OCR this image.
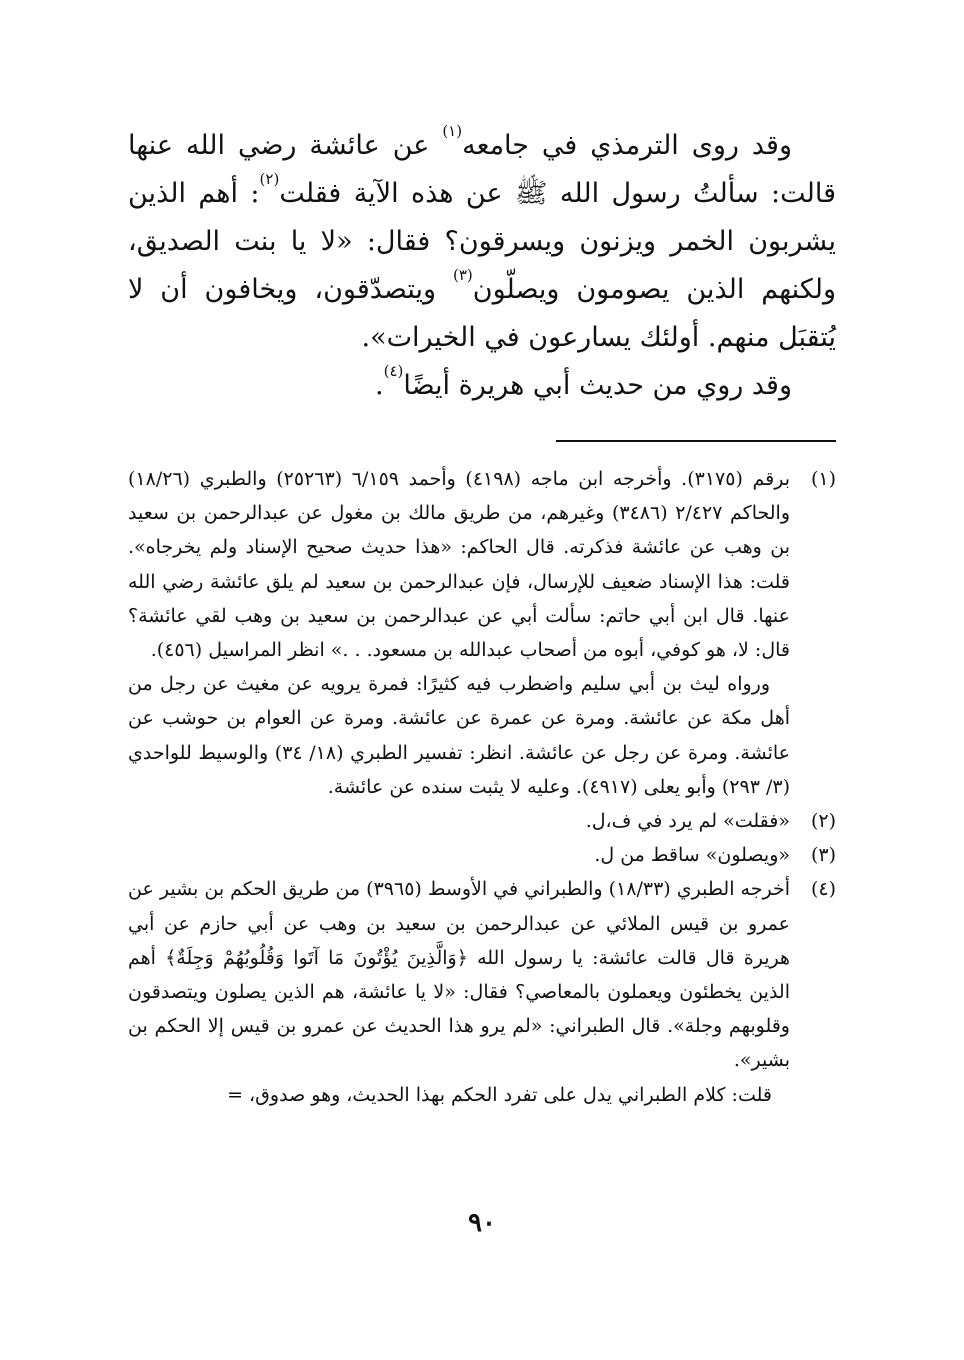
وقد روى الترمذي في جامعه$^{(١)}$ عن عائشة رضي الله عنها قالت: سألتُ رسول الله ﷺ عن هذه الآية فقلت$^{(٢)}$: أهم الذين يشربون الخمر ويزنون ويسرقون؟ فقال: «لا يا بنت الصديق، ولكنهم الذين يصومون ويصلّون$^{(٣)}$ ويتصدّقون، ويخافون أن لا يُتقبَل منهم. أولئك يسارعون في الخيرات».

وقد روي من حديث أبي هريرة أيضًا$^{(٤)}$.

(١)

برقم (٣١٧٥). وأخرجه ابن ماجه (٤١٩٨) وأحمد ٦/١٥٩ (٢٥٢٦٣) والطبري (١٨/٢٦) والحاكم ٢/٤٢٧ (٣٤٨٦) وغيرهم، من طريق مالك بن مغول عن عبدالرحمن بن سعيد بن وهب عن عائشة فذكرته. قال الحاكم: «هذا حديث صحيح الإسناد ولم يخرجاه». قلت: هذا الإسناد ضعيف للإرسال، فإن عبدالرحمن بن سعيد لم يلق عائشة رضي الله عنها. قال ابن أبي حاتم: سألت أبي عن عبدالرحمن بن سعيد بن وهب لقي عائشة؟ قال: لا، هو كوفي، أبوه من أصحاب عبدالله بن مسعود. . .» انظر المراسيل (٤٥٦).

ورواه ليث بن أبي سليم واضطرب فيه كثيرًا: فمرة يرويه عن مغيث عن رجل من أهل مكة عن عائشة. ومرة عن عمرة عن عائشة. ومرة عن العوام بن حوشب عن عائشة. ومرة عن رجل عن عائشة. انظر: تفسير الطبري (١٨/ ٣٤) والوسيط للواحدي (٣/ ٢٩٣) وأبو يعلى (٤٩١٧). وعليه لا يثبت سنده عن عائشة.

(٢)

«فقلت» لم يرد في ف،ل.

(٣)

«ويصلون» ساقط من ل.

(٤)

أخرجه الطبري (١٨/٣٣) والطبراني في الأوسط (٣٩٦٥) من طريق الحكم بن بشير عن عمرو بن قيس الملائي عن عبدالرحمن بن سعيد بن وهب عن أبي حازم عن أبي هريرة قال قالت عائشة: يا رسول الله ﴿وَالَّذِينَ يُؤْتُونَ مَا آتَوا وَقُلُوبُهُمْ وَجِلَةٌ﴾ أهم الذين يخطئون ويعملون بالمعاصي؟ فقال: «لا يا عائشة، هم الذين يصلون ويتصدقون وقلوبهم وجلة». قال الطبراني: «لم يرو هذا الحديث عن عمرو بن قيس إلا الحكم بن بشير».

قلت: كلام الطبراني يدل على تفرد الحكم بهذا الحديث، وهو صدوق، =

٩٠
